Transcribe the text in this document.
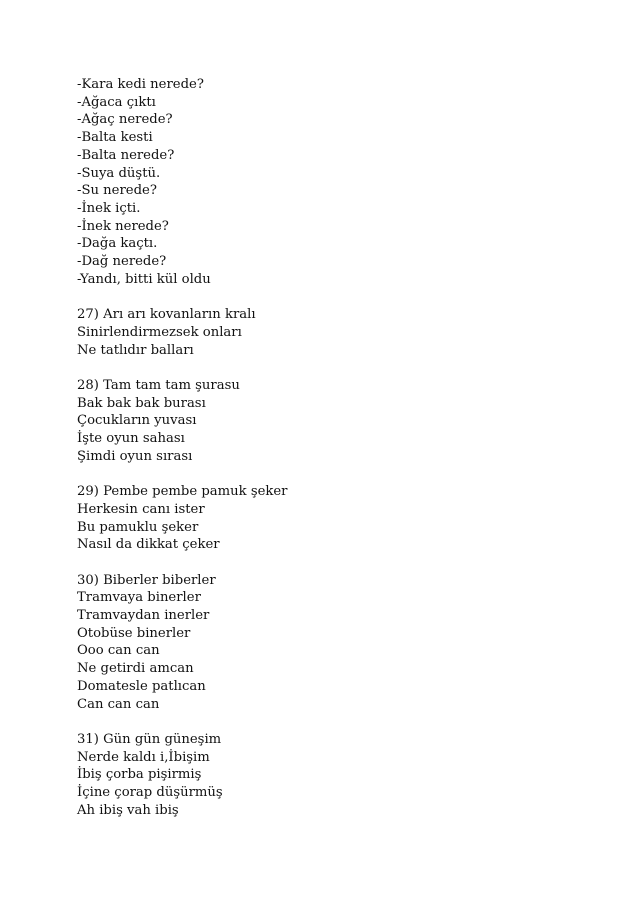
-Kara kedi nerede?
-Ağaca çıktı
-Ağaç nerede?
-Balta kesti
-Balta nerede?
-Suya düştü.
-Su nerede?
-İnek içti.
-İnek nerede?
-Dağa kaçtı.
-Dağ nerede?
-Yandı, bitti kül oldu
27) Arı arı kovanların kralı
Sinirlendirmezsek onları
Ne tatlıdır balları
28) Tam tam tam şurasu
Bak bak bak burası
Çocukların yuvası
İşte oyun sahası
Şimdi oyun sırası
29) Pembe pembe pamuk şeker
Herkesin canı ister
Bu pamuklu şeker
Nasıl da dikkat çeker
30) Biberler biberler
Tramvaya binerler
Tramvaydan inerler
Otobüse binerler
Ooo can can
Ne getirdi amcan
Domatesle patlıcan
Can can can
31) Gün gün güneşim
Nerde kaldı i,İbişim
İbiş çorba pişirmiş
İçine çorap düşürmüş
Ah ibiş vah ibiş
